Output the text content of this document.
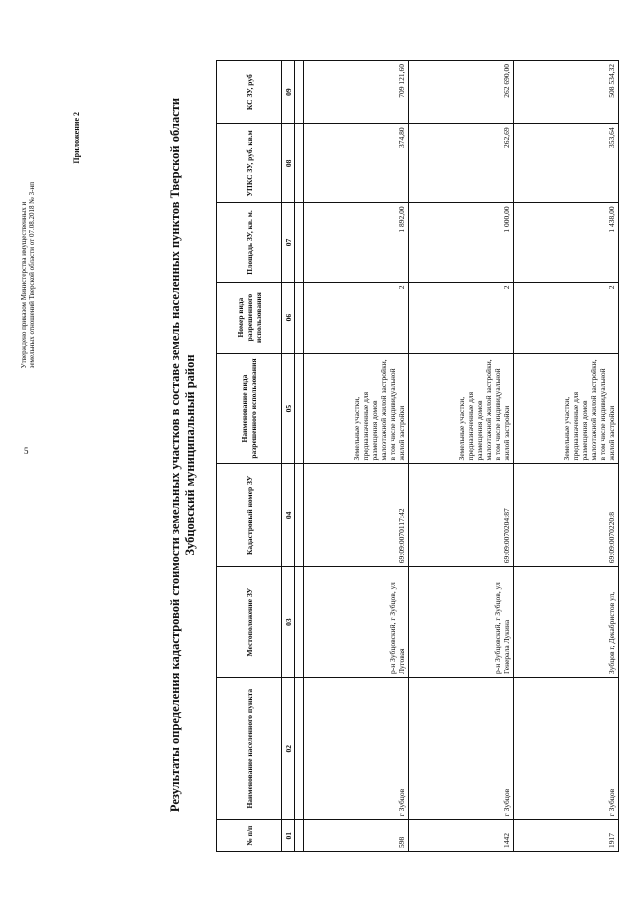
5
Утверждено приказом Министерства имущественных и земельных отношений Тверской области от 07.08.2018 № 3-нп
Приложение 2	Результаты определения кадастровой стоимости земельных участков в составе земель населенных пунктов Тверской области Зубцовский муниципальный район
№ п/п	Наименование населенного пункта	Местоположение ЗУ	Кадастровый номер ЗУ	Наименование вида разрешенного использования	Номер вида разрешенного использования	Площадь ЗУ, кв. м.	УПКС ЗУ, руб. кв.м	КС ЗУ, руб
01	02	03	04	05	06	07	08	09

598	г Зубцов	р-н Зубцовский, г Зубцов, ул Луговая	69:09:0070117:42	Земельные участки, предназначенные для размещения домов малоэтажной жилой застройки, в том числе индивидуальной жилой застройки	2	1 892,00	374,80	709 121,60
1442	г Зубцов	р-н Зубцовский, г Зубцов, ул Генерала Лукина	69:09:0070204:87	Земельные участки, предназначенные для размещения домов малоэтажной жилой застройки, в том числе индивидуальной жилой застройки	2	1 000,00	262,69	262 690,00
1917	г Зубцов	Зубцов г, Декабристов ул,	69:09:0070220:8	Земельные участки, предназначенные для размещения домов малоэтажной жилой застройки, в том числе индивидуальной жилой застройки	2	1 438,00	353,64	508 534,32
